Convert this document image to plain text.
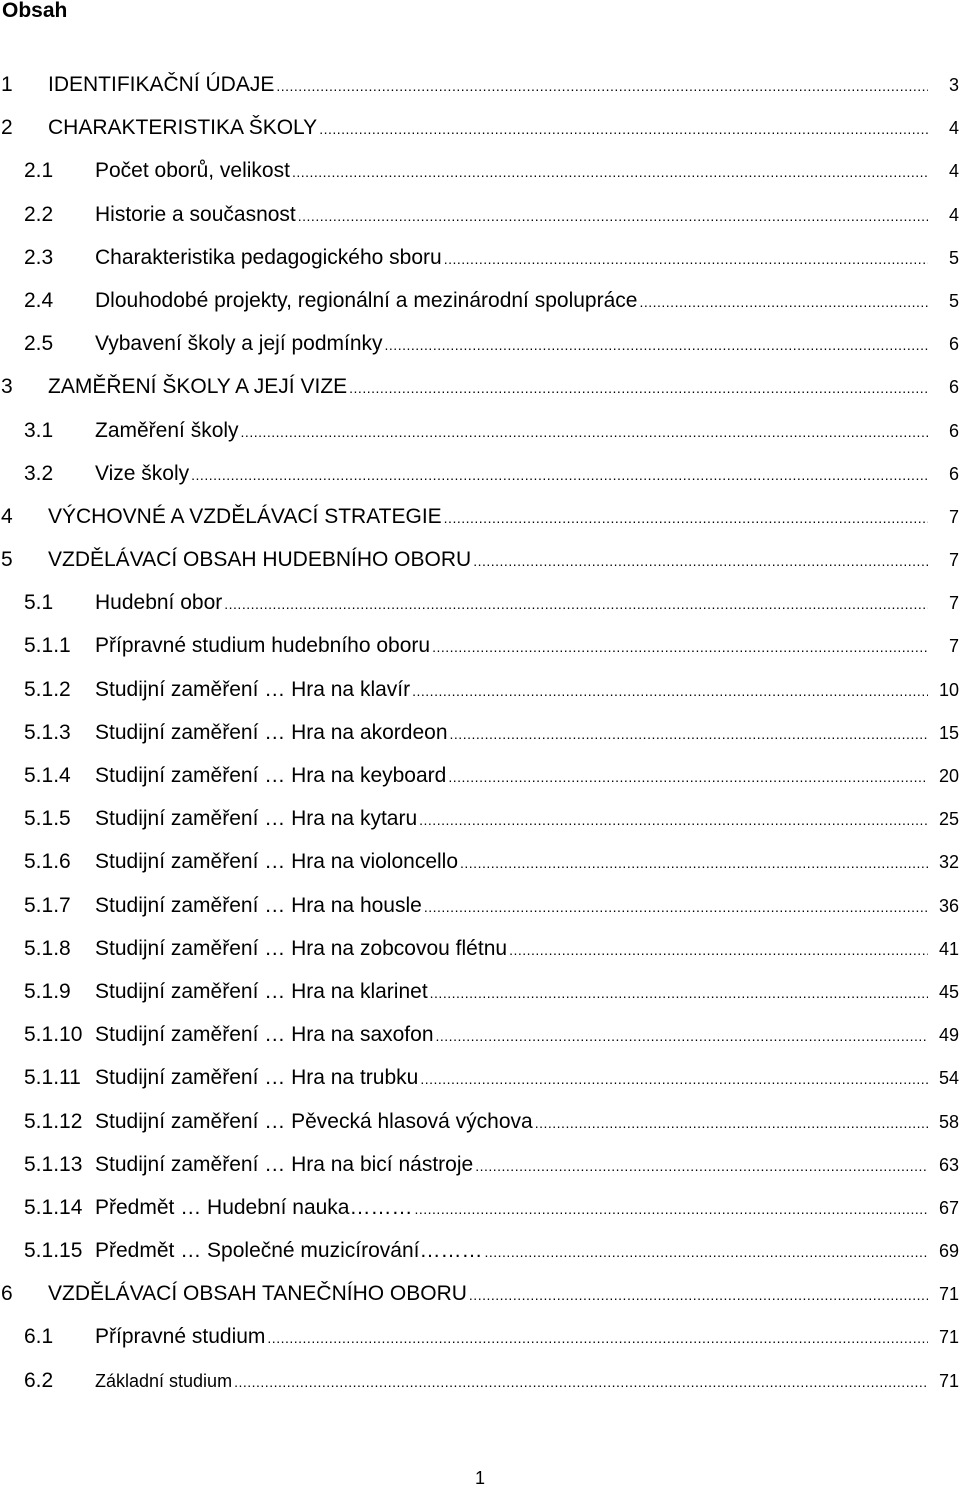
Obsah
1	IDENTIFIKAČNÍ ÚDAJE .....	3
2	CHARAKTERISTIKA ŠKOLY .....	4
2.1	Počet oborů, velikost .....	4
2.2	Historie a současnost .....	4
2.3	Charakteristika pedagogického sboru .....	5
2.4	Dlouhodobé projekty, regionální a mezinárodní spolupráce .....	5
2.5	Vybavení školy a její podmínky .....	6
3	ZAMĚŘENÍ ŠKOLY A JEJÍ VIZE .....	6
3.1	Zaměření školy .....	6
3.2	Vize školy .....	6
4	VÝCHOVNÉ A VZDĚLÁVACÍ STRATEGIE .....	7
5	VZDĚLÁVACÍ OBSAH HUDEBNÍHO OBORU .....	7
5.1	Hudební obor .....	7
5.1.1	Přípravné studium hudebního oboru .....	7
5.1.2	Studijní zaměření … Hra na klavír .....	10
5.1.3	Studijní zaměření … Hra na akordeon .....	15
5.1.4	Studijní zaměření … Hra na keyboard .....	20
5.1.5	Studijní zaměření … Hra na kytaru .....	25
5.1.6	Studijní zaměření … Hra na violoncello .....	32
5.1.7	Studijní zaměření … Hra na housle .....	36
5.1.8	Studijní zaměření … Hra na zobcovou flétnu .....	41
5.1.9	Studijní zaměření … Hra na klarinet .....	45
5.1.10 Studijní zaměření … Hra na saxofon .....	49
5.1.11 Studijní zaměření … Hra na trubku .....	54
5.1.12 Studijní zaměření … Pěvecká hlasová výchova .....	58
5.1.13 Studijní zaměření … Hra na bicí nástroje .....	63
5.1.14 Předmět … Hudební nauka……… .....	67
5.1.15 Předmět … Společné muzicírování……… .....	69
6	VZDĚLÁVACÍ OBSAH TANEČNÍHO OBORU .....	71
6.1	Přípravné studium .....	71
6.2	Základní studium .....	71
1
